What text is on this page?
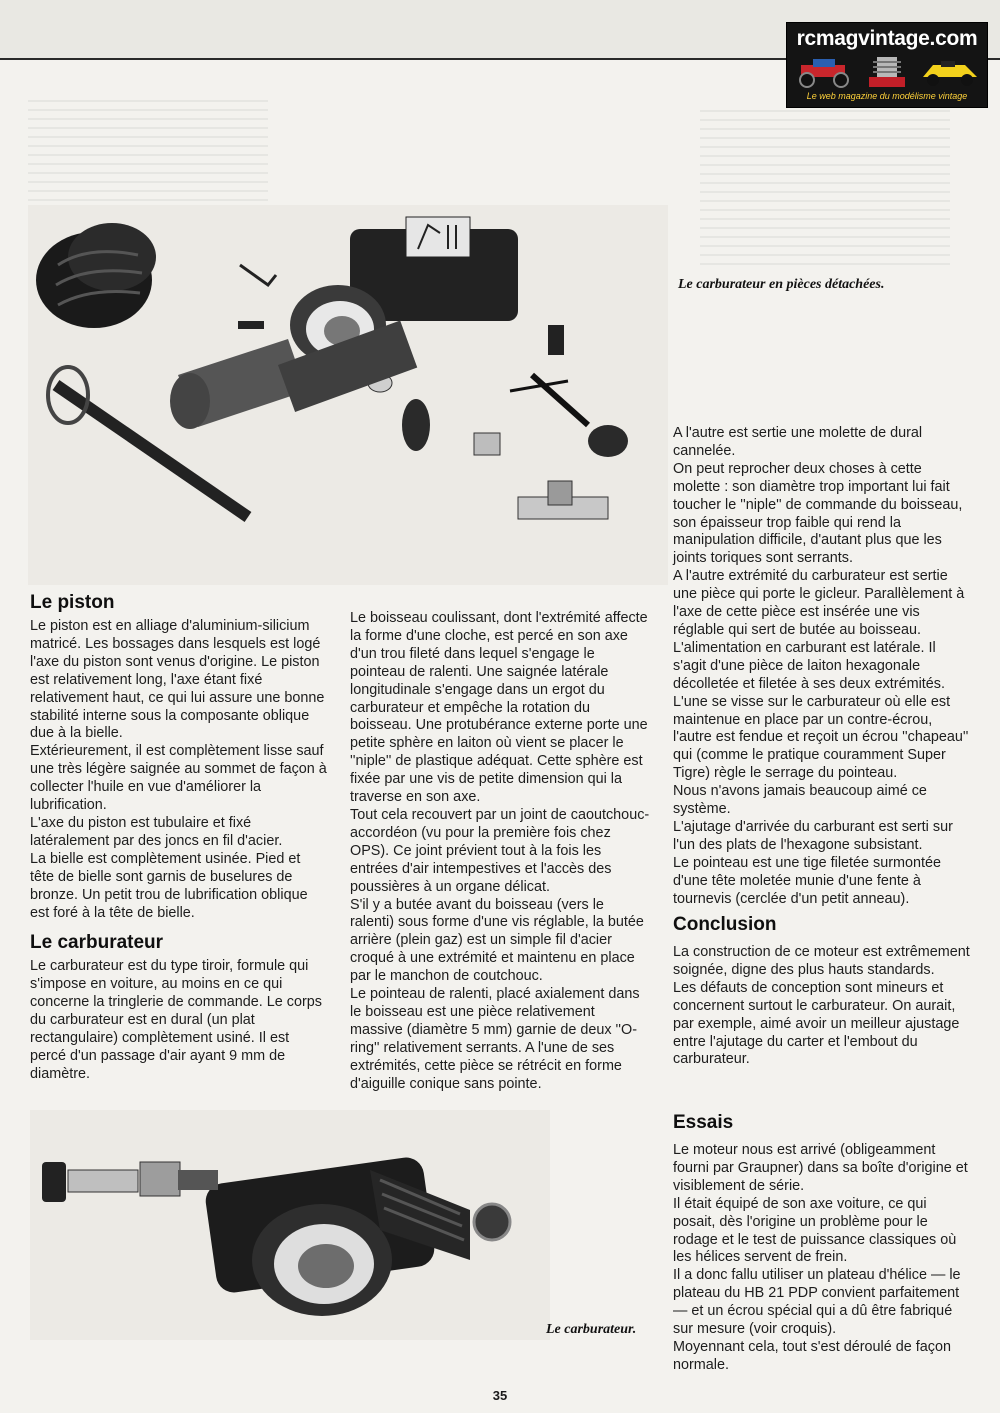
rcmagvintage.com
Le web magazine du modélisme vintage
Le carburateur en pièces détachées.
Le piston

Le piston est en alliage d'aluminium-silicium matricé. Les bossages dans lesquels est logé l'axe du piston sont venus d'origine. Le piston est relativement long, l'axe étant fixé relativement haut, ce qui lui assure une bonne stabilité interne sous la composante oblique due à la bielle.

Extérieurement, il est complètement lisse sauf une très légère saignée au sommet de façon à collecter l'huile en vue d'améliorer la lubrification.

L'axe du piston est tubulaire et fixé latéralement par des joncs en fil d'acier.

La bielle est complètement usinée. Pied et tête de bielle sont garnis de buselures de bronze. Un petit trou de lubrification oblique est foré à la tête de bielle.

Le carburateur

Le carburateur est du type tiroir, formule qui s'impose en voiture, au moins en ce qui concerne la tringlerie de commande. Le corps du carburateur est en dural (un plat rectangulaire) complètement usiné. Il est percé d'un passage d'air ayant 9 mm de diamètre.

Le boisseau coulissant, dont l'extrémité affecte la forme d'une cloche, est percé en son axe d'un trou fileté dans lequel s'engage le pointeau de ralenti. Une saignée latérale longitudinale s'engage dans un ergot du carburateur et empêche la rotation du boisseau. Une protubérance externe porte une petite sphère en laiton où vient se placer le ''niple'' de plastique adéquat. Cette sphère est fixée par une vis de petite dimension qui la traverse en son axe.

Tout cela recouvert par un joint de caoutchouc-accordéon (vu pour la première fois chez OPS). Ce joint prévient tout à la fois les entrées d'air intempestives et l'accès des poussières à un organe délicat.

S'il y a butée avant du boisseau (vers le ralenti) sous forme d'une vis réglable, la butée arrière (plein gaz) est un simple fil d'acier croqué à une extrémité et maintenu en place par le manchon de coutchouc.

Le pointeau de ralenti, placé axialement dans le boisseau est une pièce relativement massive (diamètre 5 mm) garnie de deux ''O-ring'' relativement serrants. A l'une de ses extrémités, cette pièce se rétrécit en forme d'aiguille conique sans pointe.

A l'autre est sertie une molette de dural cannelée.

On peut reprocher deux choses à cette molette : son diamètre trop important lui fait toucher le ''niple'' de commande du boisseau, son épaisseur trop faible qui rend la manipulation difficile, d'autant plus que les joints toriques sont serrants.

A l'autre extrémité du carburateur est sertie une pièce qui porte le gicleur. Parallèlement à l'axe de cette pièce est insérée une vis réglable qui sert de butée au boisseau.

L'alimentation en carburant est latérale. Il s'agit d'une pièce de laiton hexagonale décolletée et filetée à ses deux extrémités. L'une se visse sur le carburateur où elle est maintenue en place par un contre-écrou, l'autre est fendue et reçoit un écrou ''chapeau'' qui (comme le pratique couramment Super Tigre) règle le serrage du pointeau.

Nous n'avons jamais beaucoup aimé ce système.

L'ajutage d'arrivée du carburant est serti sur l'un des plats de l'hexagone subsistant.

Le pointeau est une tige filetée surmontée d'une tête moletée munie d'une fente à tournevis (cerclée d'un petit anneau).

Conclusion

La construction de ce moteur est extrêmement soignée, digne des plus hauts standards.

Les défauts de conception sont mineurs et concernent surtout le carburateur. On aurait, par exemple, aimé avoir un meilleur ajustage entre l'ajutage du carter et l'embout du carburateur.

Essais

Le moteur nous est arrivé (obligeamment fourni par Graupner) dans sa boîte d'origine et visiblement de série.

Il était équipé de son axe voiture, ce qui posait, dès l'origine un problème pour le rodage et le test de puissance classiques où les hélices servent de frein.

Il a donc fallu utiliser un plateau d'hélice — le plateau du HB 21 PDP convient parfaitement — et un écrou spécial qui a dû être fabriqué sur mesure (voir croquis).

Moyennant cela, tout s'est déroulé de façon normale.

Le carburateur.
35
